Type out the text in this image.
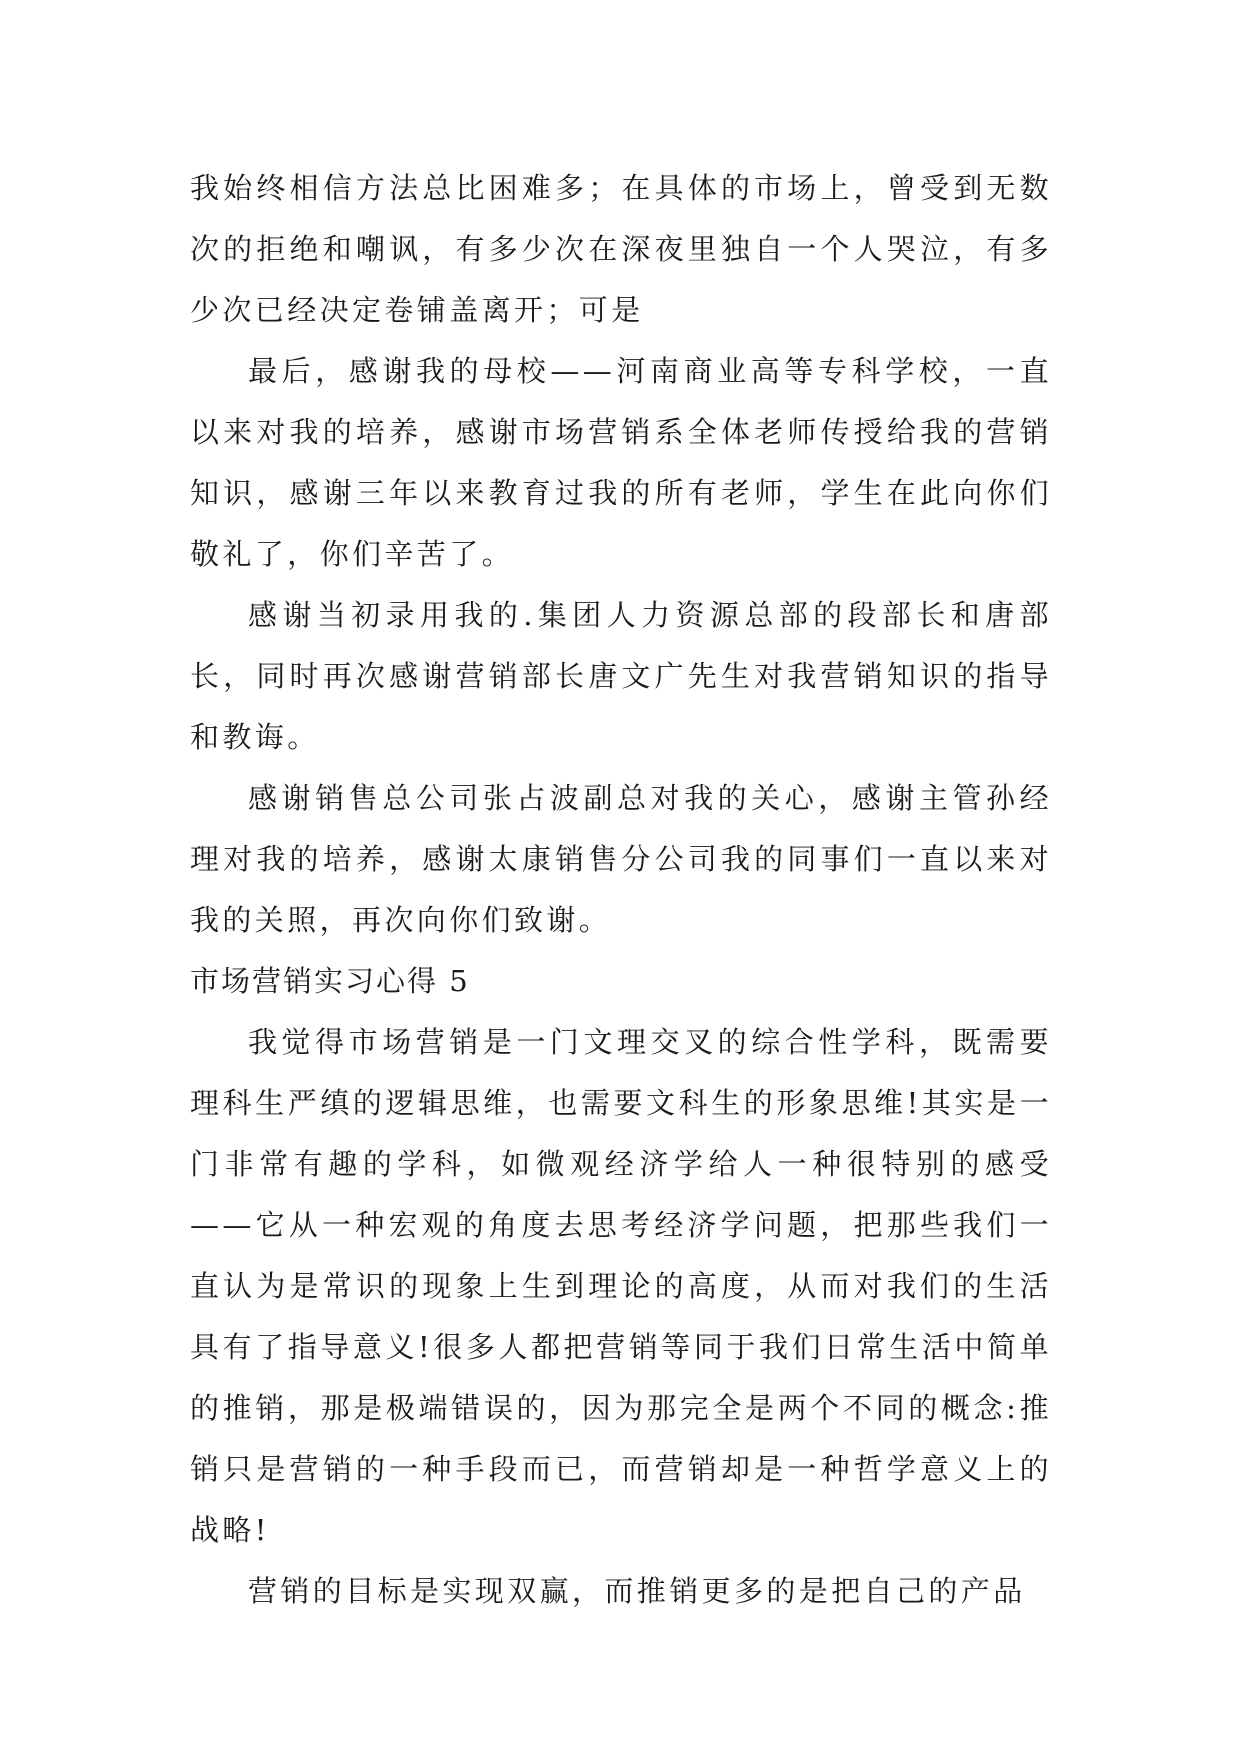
我始终相信方法总比困难多；在具体的市场上，曾受到无数次的拒绝和嘲讽，有多少次在深夜里独自一个人哭泣，有多少次已经决定卷铺盖离开；可是

最后，感谢我的母校——河南商业高等专科学校，一直以来对我的培养，感谢市场营销系全体老师传授给我的营销知识，感谢三年以来教育过我的所有老师，学生在此向你们敬礼了，你们辛苦了。

感谢当初录用我的.集团人力资源总部的段部长和唐部长，同时再次感谢营销部长唐文广先生对我营销知识的指导和教诲。

感谢销售总公司张占波副总对我的关心，感谢主管孙经理对我的培养，感谢太康销售分公司我的同事们一直以来对我的关照，再次向你们致谢。

市场营销实习心得 5

我觉得市场营销是一门文理交叉的综合性学科，既需要理科生严缜的逻辑思维，也需要文科生的形象思维!其实是一门非常有趣的学科，如微观经济学给人一种很特别的感受——它从一种宏观的角度去思考经济学问题，把那些我们一直认为是常识的现象上生到理论的高度，从而对我们的生活具有了指导意义!很多人都把营销等同于我们日常生活中简单的推销，那是极端错误的，因为那完全是两个不同的概念:推销只是营销的一种手段而已，而营销却是一种哲学意义上的战略!

营销的目标是实现双赢，而推销更多的是把自己的产品
